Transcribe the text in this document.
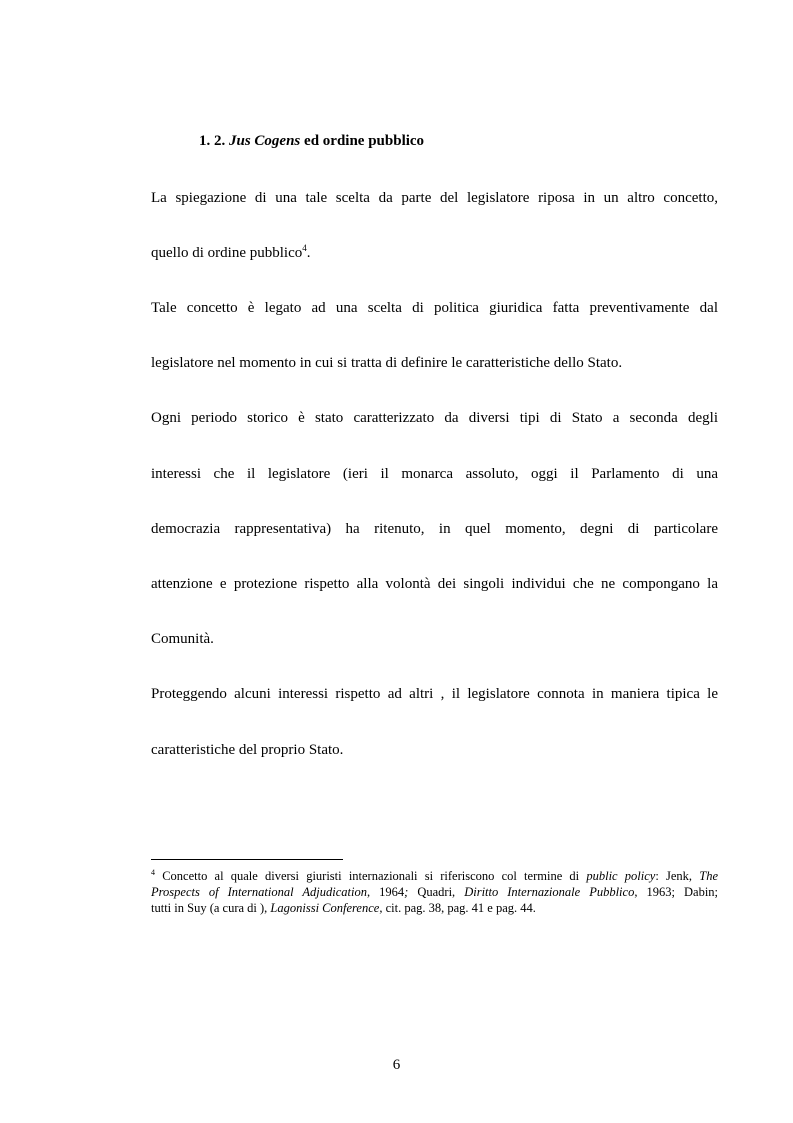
1. 2. Jus Cogens ed ordine pubblico

La spiegazione di una tale scelta da parte del legislatore riposa in un altro concetto,

quello di ordine pubblico$^4$.

Tale concetto è legato ad una scelta di politica giuridica fatta preventivamente dal

legislatore nel momento in cui si tratta di definire le caratteristiche dello Stato.

Ogni periodo storico è stato caratterizzato da diversi tipi di Stato a seconda degli

interessi che il legislatore (ieri il monarca assoluto, oggi il Parlamento di una

democrazia rappresentativa) ha ritenuto, in quel momento, degni di particolare

attenzione e protezione rispetto alla volontà dei singoli individui che ne compongano la

Comunità.

Proteggendo alcuni interessi rispetto ad altri , il legislatore connota in maniera tipica le

caratteristiche del proprio Stato.

$^4$ Concetto al quale diversi giuristi internazionali si riferiscono col termine di public policy: Jenk, The

Prospects of International Adjudication, 1964; Quadri, Diritto Internazionale Pubblico, 1963; Dabin;

tutti in Suy (a cura di ), Lagonissi Conference, cit. pag. 38, pag. 41 e pag. 44.

6
